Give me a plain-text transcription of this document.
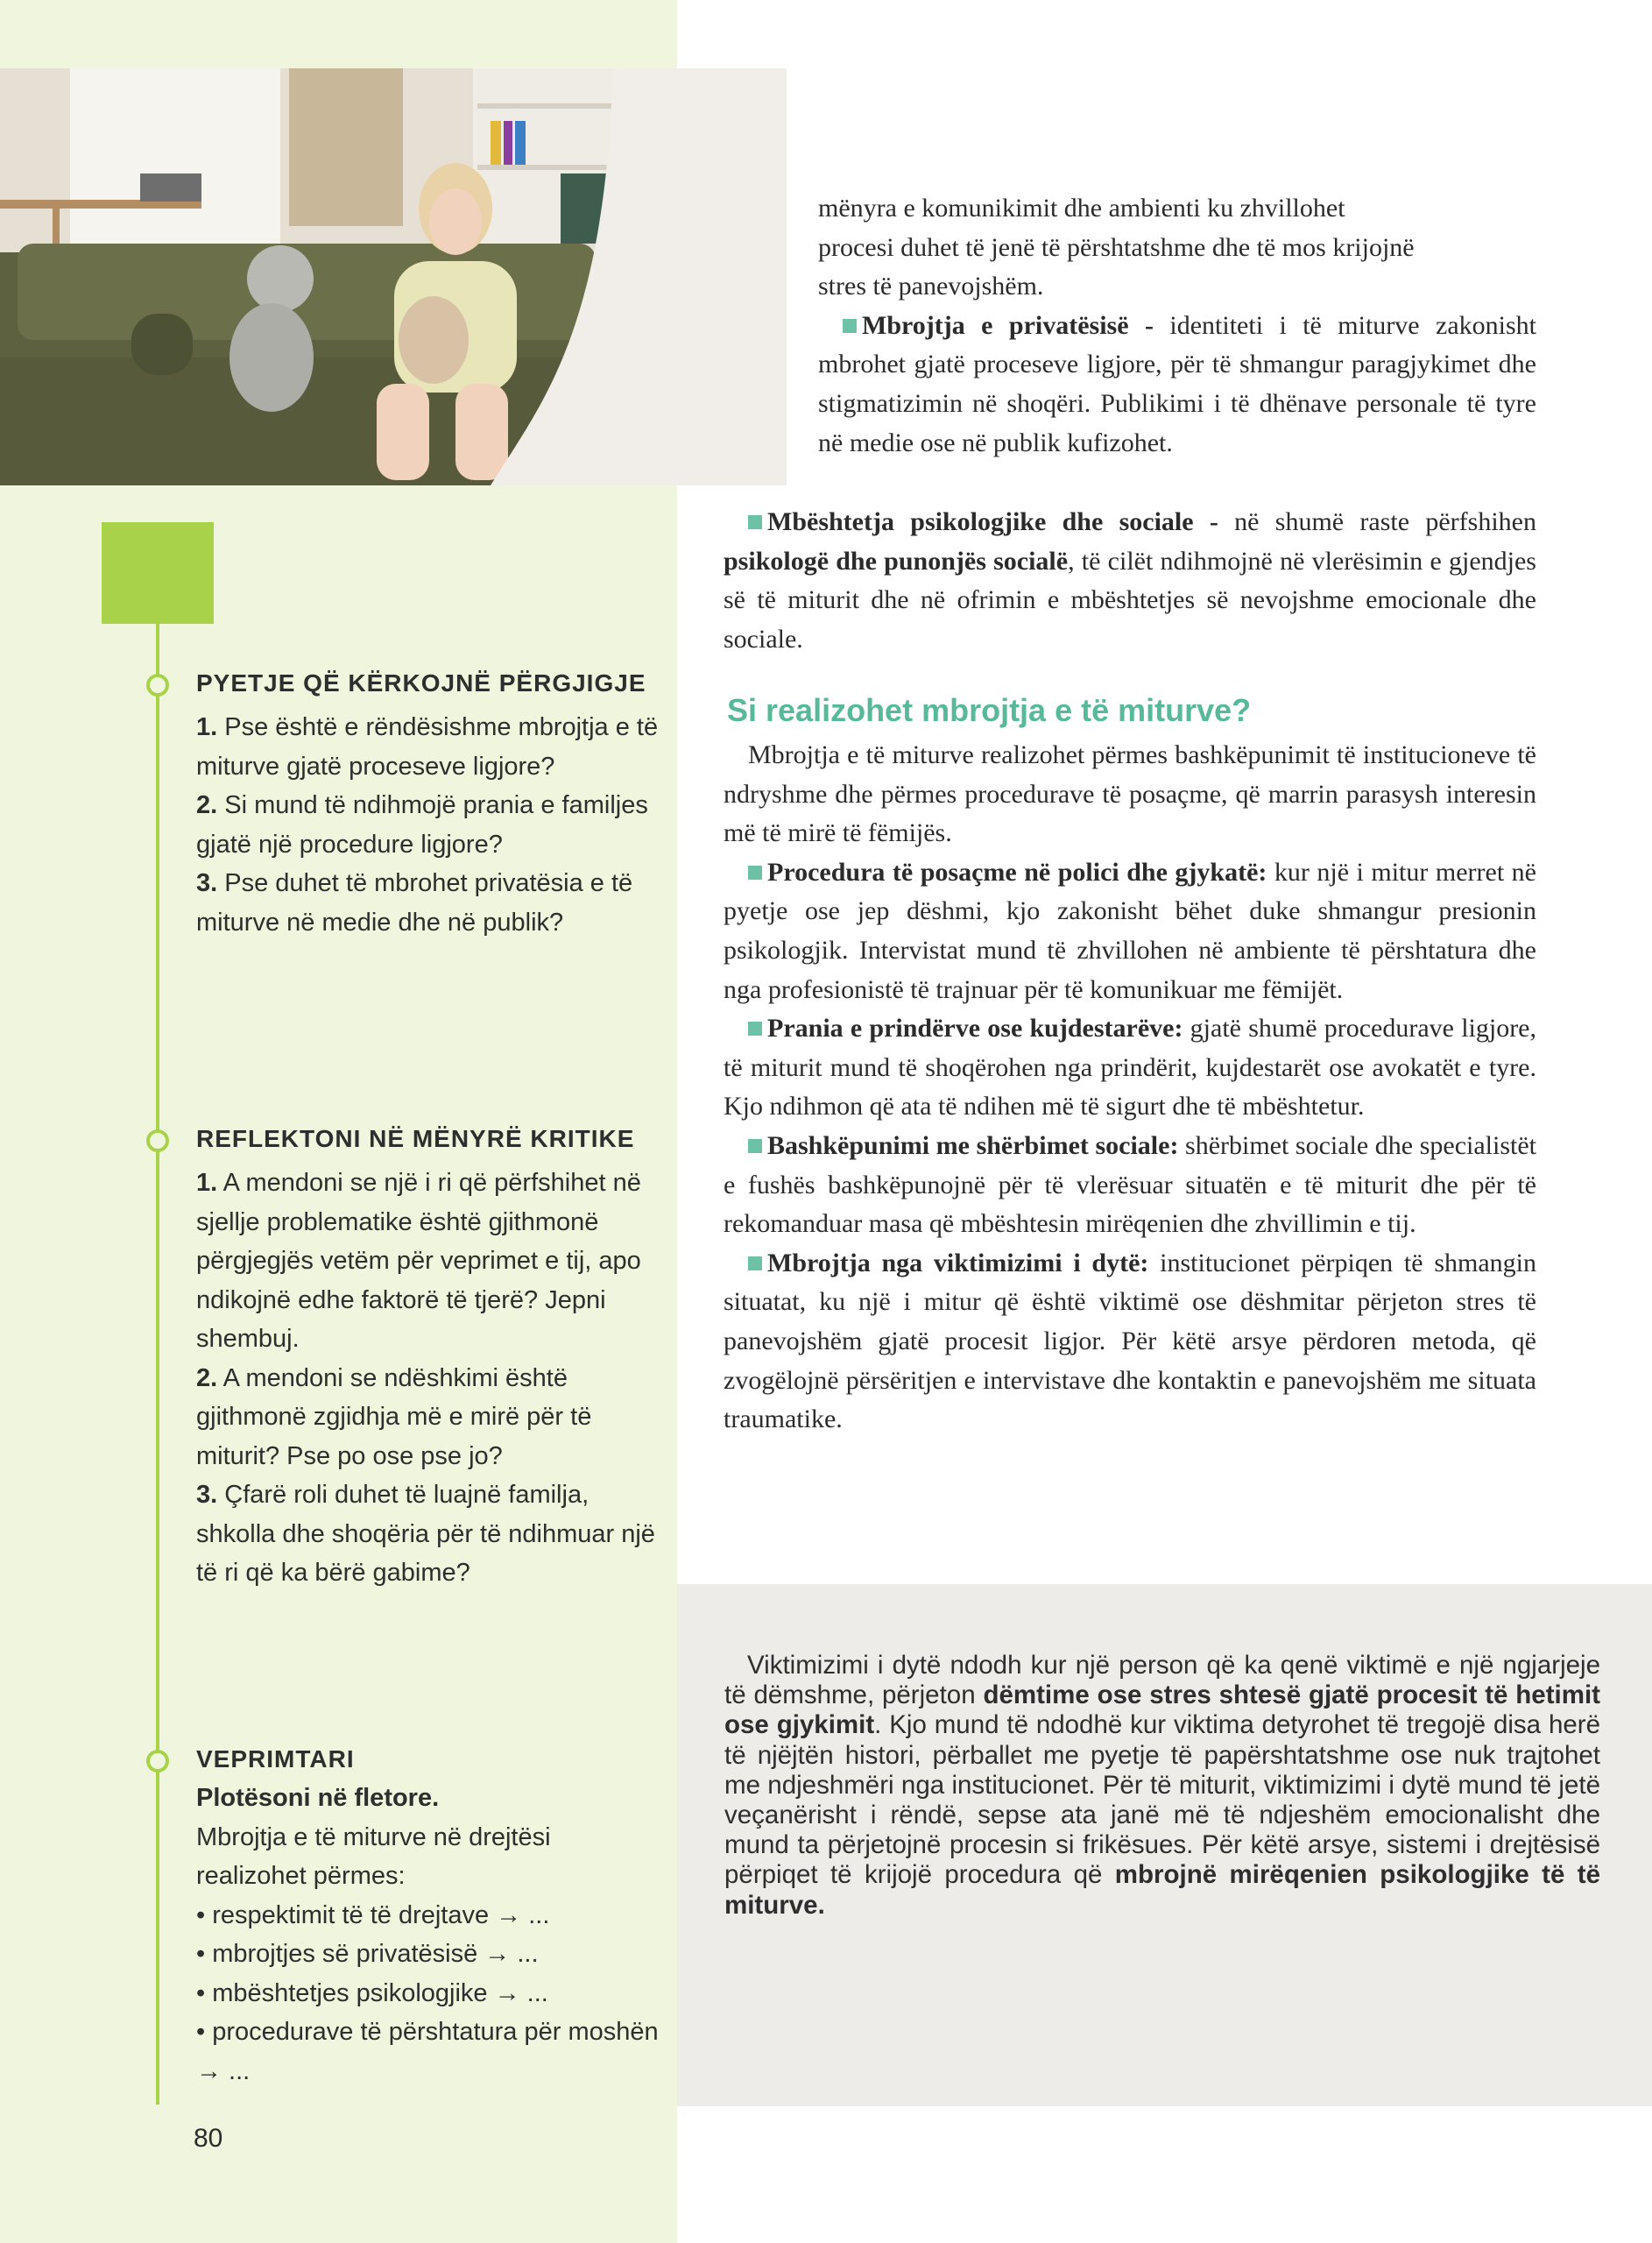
PYETJE QË KËRKOJNË PËRGJIGJE

1. Pse është e rëndësishme mbrojtja e të miturve gjatë proceseve ligjore?

2. Si mund të ndihmojë prania e familjes gjatë një procedure ligjore?

3. Pse duhet të mbrohet privatësia e të miturve në medie dhe në publik?

REFLEKTONI NË MËNYRË KRITIKE

1. A mendoni se një i ri që përfshihet në sjellje problematike është gjithmonë përgjegjës vetëm për veprimet e tij, apo ndikojnë edhe faktorë të tjerë? Jepni shembuj.

2. A mendoni se ndëshkimi është gjithmonë zgjidhja më e mirë për të miturit? Pse po ose pse jo?

3. Çfarë roli duhet të luajnë familja, shkolla dhe shoqëria për të ndihmuar një të ri që ka bërë gabime?

VEPRIMTARI

Plotësoni në fletore.

Mbrojtja e të miturve në drejtësi realizohet përmes:

• respektimit të të drejtave → ...

• mbrojtjes së privatësisë → ...

• mbështetjes psikologjike → ...

• procedurave të përshtatura për moshën → ...

80

mënyra e komunikimit dhe ambienti ku zhvillohet

procesi duhet të jenë të përshtatshme dhe të mos krijojnë

stres të panevojshëm.

Mbrojtja e privatësisë - identiteti i të miturve zakonisht mbrohet gjatë proceseve ligjore, për të shmangur paragjykimet dhe stigmatizimin në shoqëri. Publikimi i të dhënave personale të tyre në medie ose në publik kufizohet.

Mbështetja psikologjike dhe sociale - në shumë raste përfshihen psikologë dhe punonjës socialë, të cilët ndihmojnë në vlerësimin e gjendjes së të miturit dhe në ofrimin e mbështetjes së nevojshme emocionale dhe sociale.

Si realizohet mbrojtja e të miturve?

Mbrojtja e të miturve realizohet përmes bashkëpunimit të institucioneve të ndryshme dhe përmes procedurave të posaçme, që marrin parasysh interesin më të mirë të fëmijës.

Procedura të posaçme në polici dhe gjykatë: kur një i mitur merret në pyetje ose jep dëshmi, kjo zakonisht bëhet duke shmangur presionin psikologjik. Intervistat mund të zhvillohen në ambiente të përshtatura dhe nga profesionistë të trajnuar për të komunikuar me fëmijët.

Prania e prindërve ose kujdestarëve: gjatë shumë procedurave ligjore, të miturit mund të shoqërohen nga prindërit, kujdestarët ose avokatët e tyre. Kjo ndihmon që ata të ndihen më të sigurt dhe të mbështetur.

Bashkëpunimi me shërbimet sociale: shërbimet sociale dhe specialistët e fushës bashkëpunojnë për të vlerësuar situatën e të miturit dhe për të rekomanduar masa që mbështesin mirëqenien dhe zhvillimin e tij.

Mbrojtja nga viktimizimi i dytë: institucionet përpiqen të shmangin situatat, ku një i mitur që është viktimë ose dëshmitar përjeton stres të panevojshëm gjatë procesit ligjor. Për këtë arsye përdoren metoda, që zvogëlojnë përsëritjen e intervistave dhe kontaktin e panevojshëm me situata traumatike.

Viktimizimi i dytë ndodh kur një person që ka qenë viktimë e një ngjarjeje të dëmshme, përjeton dëmtime ose stres shtesë gjatë procesit të hetimit ose gjykimit. Kjo mund të ndodhë kur viktima detyrohet të tregojë disa herë të njëjtën histori, përballet me pyetje të papërshtatshme ose nuk trajtohet me ndjeshmëri nga institucionet. Për të miturit, viktimizimi i dytë mund të jetë veçanërisht i rëndë, sepse ata janë më të ndjeshëm emocionalisht dhe mund ta përjetojnë procesin si frikësues. Për këtë arsye, sistemi i drejtësisë përpiqet të krijojë procedura që mbrojnë mirëqenien psikologjike të të miturve.
